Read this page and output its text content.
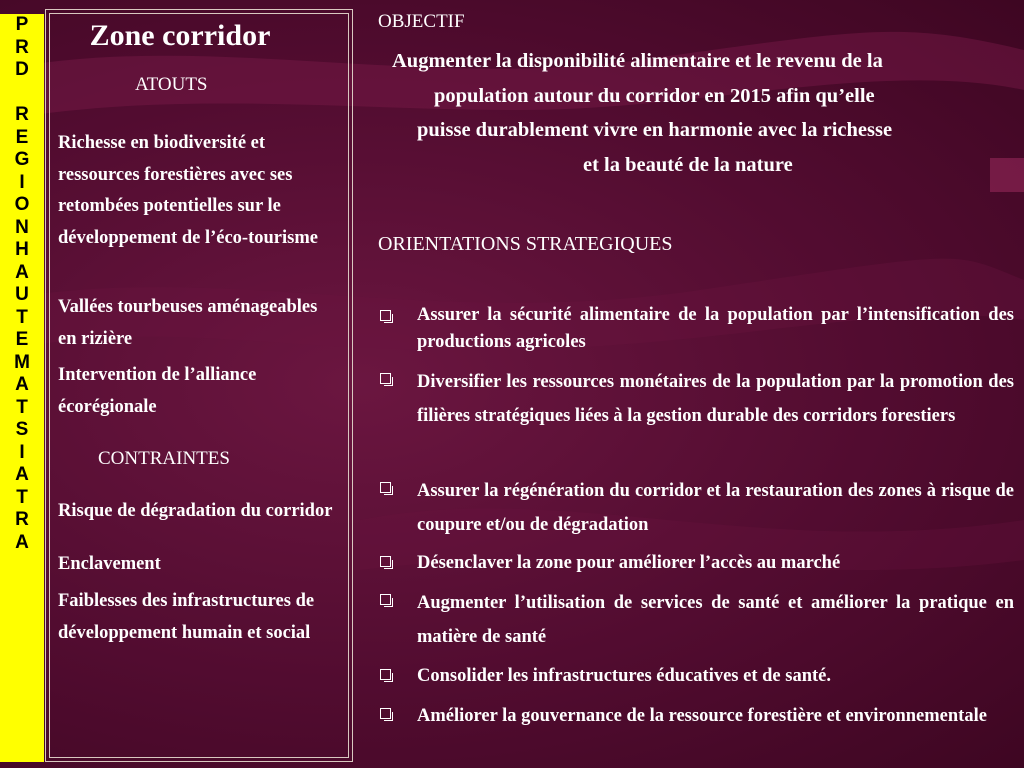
P
R
D
R
E
G
I
O
N
H
A
U
T
E
M
A
T
S
I
A
T
R
A
Zone corridor
ATOUTS
Richesse en biodiversité et ressources forestières avec ses retombées potentielles sur le développement de l’éco-tourisme
Vallées tourbeuses aménageables en rizière
Intervention de l’alliance écorégionale
CONTRAINTES
Risque de dégradation du corridor
Enclavement
Faiblesses des infrastructures de développement humain et social
OBJECTIF
Augmenter la disponibilité alimentaire et le revenu de la
population autour du corridor en 2015 afin qu’elle
puisse durablement vivre en harmonie avec la richesse
et la beauté de la nature
ORIENTATIONS STRATEGIQUES
Assurer la sécurité alimentaire de la population par l’intensification des productions agricoles
Diversifier les ressources monétaires de la population par la promotion des filières stratégiques liées à la gestion durable des corridors forestiers
Assurer la régénération du corridor et la restauration des zones à risque de coupure et/ou de dégradation
Désenclaver la zone pour améliorer l’accès au marché
Augmenter l’utilisation de services de santé et améliorer la pratique en matière de santé
Consolider les infrastructures éducatives et de santé.
Améliorer la gouvernance de la ressource forestière et environnementale
